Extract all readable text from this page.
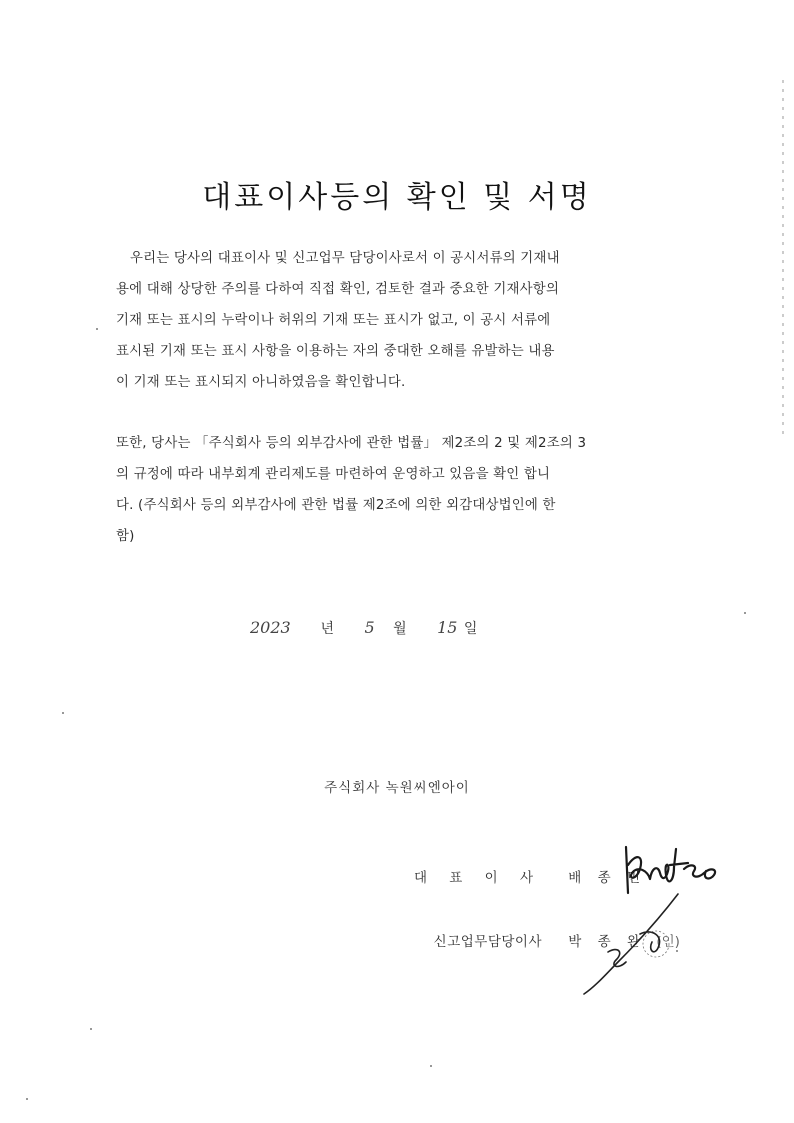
대표이사등의 확인 및 서명
우리는 당사의 대표이사 및 신고업무 담당이사로서 이 공시서류의 기재내
용에 대해 상당한 주의를 다하여 직접 확인, 검토한 결과 중요한 기재사항의
기재 또는 표시의 누락이나 허위의 기재 또는 표시가 없고, 이 공시 서류에
표시된 기재 또는 표시 사항을 이용하는 자의 중대한 오해를 유발하는 내용
이 기재 또는 표시되지 아니하였음을 확인합니다.
또한, 당사는 「주식회사 등의 외부감사에 관한 법률」 제2조의 2 및 제2조의 3
의 규정에 따라 내부회계 관리제도를 마련하여 운영하고 있음을 확인 합니
다. (주식회사 등의 외부감사에 관한 법률 제2조에 의한 외감대상법인에 한
함)
2023 년 5 월 15 일
주식회사 녹원씨엔아이
대 표 이 사 배 종 민
신고업무담당이사 박 종 완 (인)
